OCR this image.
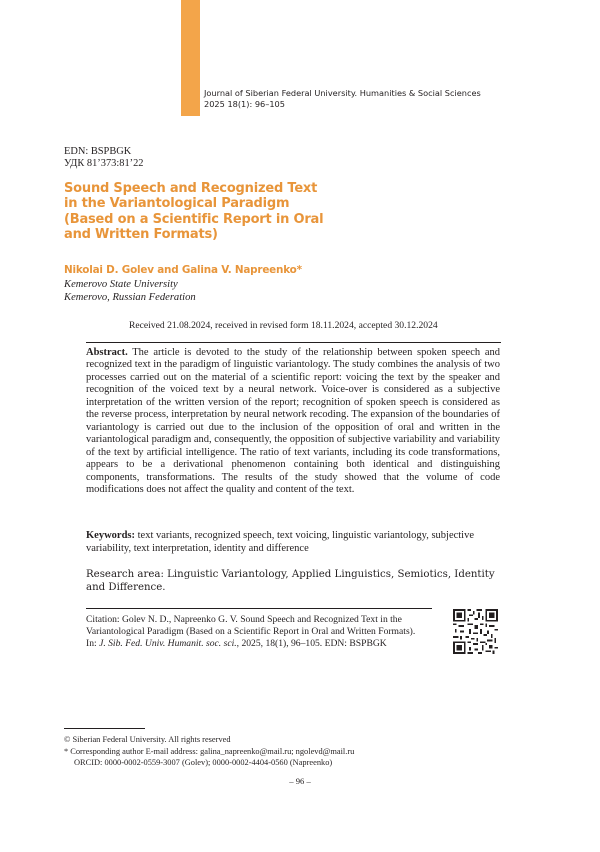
Journal of Siberian Federal University. Humanities & Social Sciences
2025 18(1): 96–105
EDN: BSPBGK
УДК 81’373:81’22
Sound Speech and Recognized Text
in the Variantological Paradigm
(Based on a Scientific Report in Oral
and Written Formats)
Nikolai D. Golev and Galina V. Napreenko*
Kemerovo State University
Kemerovo, Russian Federation
Received 21.08.2024, received in revised form 18.11.2024, accepted 30.12.2024
Abstract. The article is devoted to the study of the relationship between spoken speech and recognized text in the paradigm of linguistic variantology. The study combines the analysis of two processes carried out on the material of a scientific report: voicing the text by the speaker and recognition of the voiced text by a neural network. Voice-over is considered as a subjective interpretation of the written version of the report; recognition of spoken speech is considered as the reverse process, interpretation by neural network recoding. The expansion of the boundaries of variantology is carried out due to the inclusion of the opposition of oral and written in the variantological paradigm and, consequently, the opposition of subjective variability and variability of the text by artificial intelligence. The ratio of text variants, including its code transformations, appears to be a derivational phenomenon containing both identical and distinguishing components, transformations. The results of the study showed that the volume of code modifications does not affect the quality and content of the text.
Keywords: text variants, recognized speech, text voicing, linguistic variantology, subjective variability, text interpretation, identity and difference
Research area: Linguistic Variantology, Applied Linguistics, Semiotics, Identity and Difference.
Citation: Golev N. D., Napreenko G. V. Sound Speech and Recognized Text in the
Variantological Paradigm (Based on a Scientific Report in Oral and Written Formats).
In: J. Sib. Fed. Univ. Humanit. soc. sci., 2025, 18(1), 96–105. EDN: BSPBGK
© Siberian Federal University. All rights reserved
* Corresponding author E-mail address: galina_napreenko@mail.ru; ngolevd@mail.ru
ORCID: 0000-0002-0559-3007 (Golev); 0000-0002-4404-0560 (Napreenko)
– 96 –
